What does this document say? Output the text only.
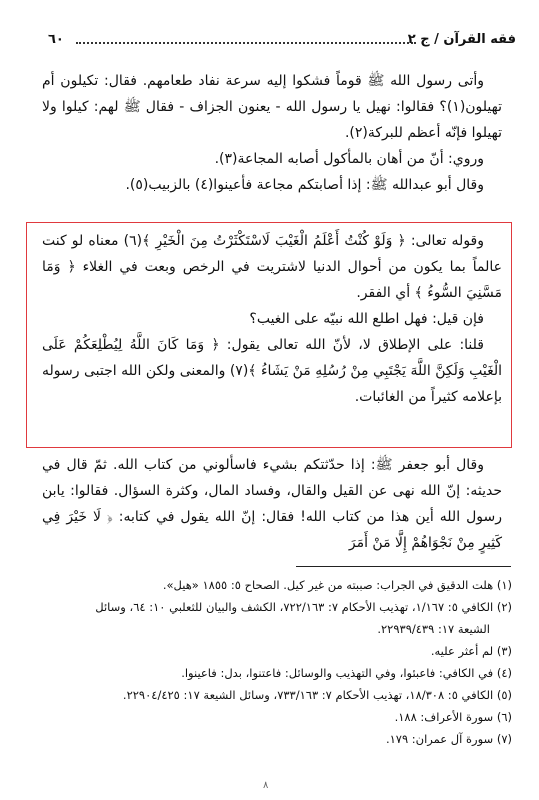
٦٠	فقه القرآن / ج ٢

وأتى رسول الله ﷺ قوماً فشكوا إليه سرعة نفاد طعامهم. فقال: تكيلون أم تهيلون(١)؟ فقالوا: نهيل يا رسول الله - يعنون الجزاف - فقال ﷺ لهم: كيلوا ولا تهيلوا فإنّه أعظم للبركة(٢).

وروي: أنّ من أهان بالمأكول أصابه المجاعة(٣).

وقال أبو عبدالله ﷺ: إذا أصابتكم مجاعة فأعينوا(٤) بالزبيب(٥).

وقوله تعالى: ﴿ وَلَوْ كُنْتُ أَعْلَمُ الْغَيْبَ لَاسْتَكْثَرْتُ مِنَ الْخَيْرِ ﴾(٦) معناه لو كنت عالماً بما يكون من أحوال الدنيا لاشتريت في الرخص وبعت في الغلاء ﴿ وَمَا مَسَّنِيَ السُّوءُ ﴾ أي الفقر.

فإن قيل: فهل اطلع الله نبيّه على الغيب؟

قلنا: على الإطلاق لا، لأنّ الله تعالى يقول: ﴿ وَمَا كَانَ اللَّهُ لِيُطْلِعَكُمْ عَلَى الْغَيْبِ وَلَكِنَّ اللَّهَ يَجْتَبِي مِنْ رُسُلِهِ مَنْ يَشَاءُ ﴾(٧) والمعنى ولكن الله اجتبى رسوله بإعلامه كثيراً من الغائبات.

وقال أبو جعفر ﷺ: إذا حدّثتكم بشيء فاسألوني من كتاب الله. ثمّ قال في حديثه: إنّ الله نهى عن القيل والقال، وفساد المال، وكثرة السؤال. فقالوا: يابن رسول الله أين هذا من كتاب الله! فقال: إنّ الله يقول في كتابه: ﴿ لَا خَيْرَ فِي كَثِيرٍ مِنْ نَجْوَاهُمْ إِلَّا مَنْ أَمَرَ

(١) هلت الدقيق في الجراب: صببته من غير كيل. الصحاح ٥: ١٨٥٥ «هيل».

(٢) الكافي ٥: ١/١٦٧، تهذيب الأحكام ٧: ٧٢٢/١٦٣، الكشف والبيان للثعلبي ١٠: ٦٤، وسائل

الشيعة ١٧: ٢٢٩٣٩/٤٣٩.

(٣) لم أعثر عليه.

(٤) في الكافي: فاعبئوا، وفي التهذيب والوسائل: فاعتنوا، بدل: فاعينوا.

(٥) الكافي ٥: ١٨/٣٠٨، تهذيب الأحكام ٧: ٧٣٣/١٦٣، وسائل الشيعة ١٧: ٢٢٩٠٤/٤٢٥.

(٦) سورة الأعراف: ١٨٨.

(٧) سورة آل عمران: ١٧٩.

٨
